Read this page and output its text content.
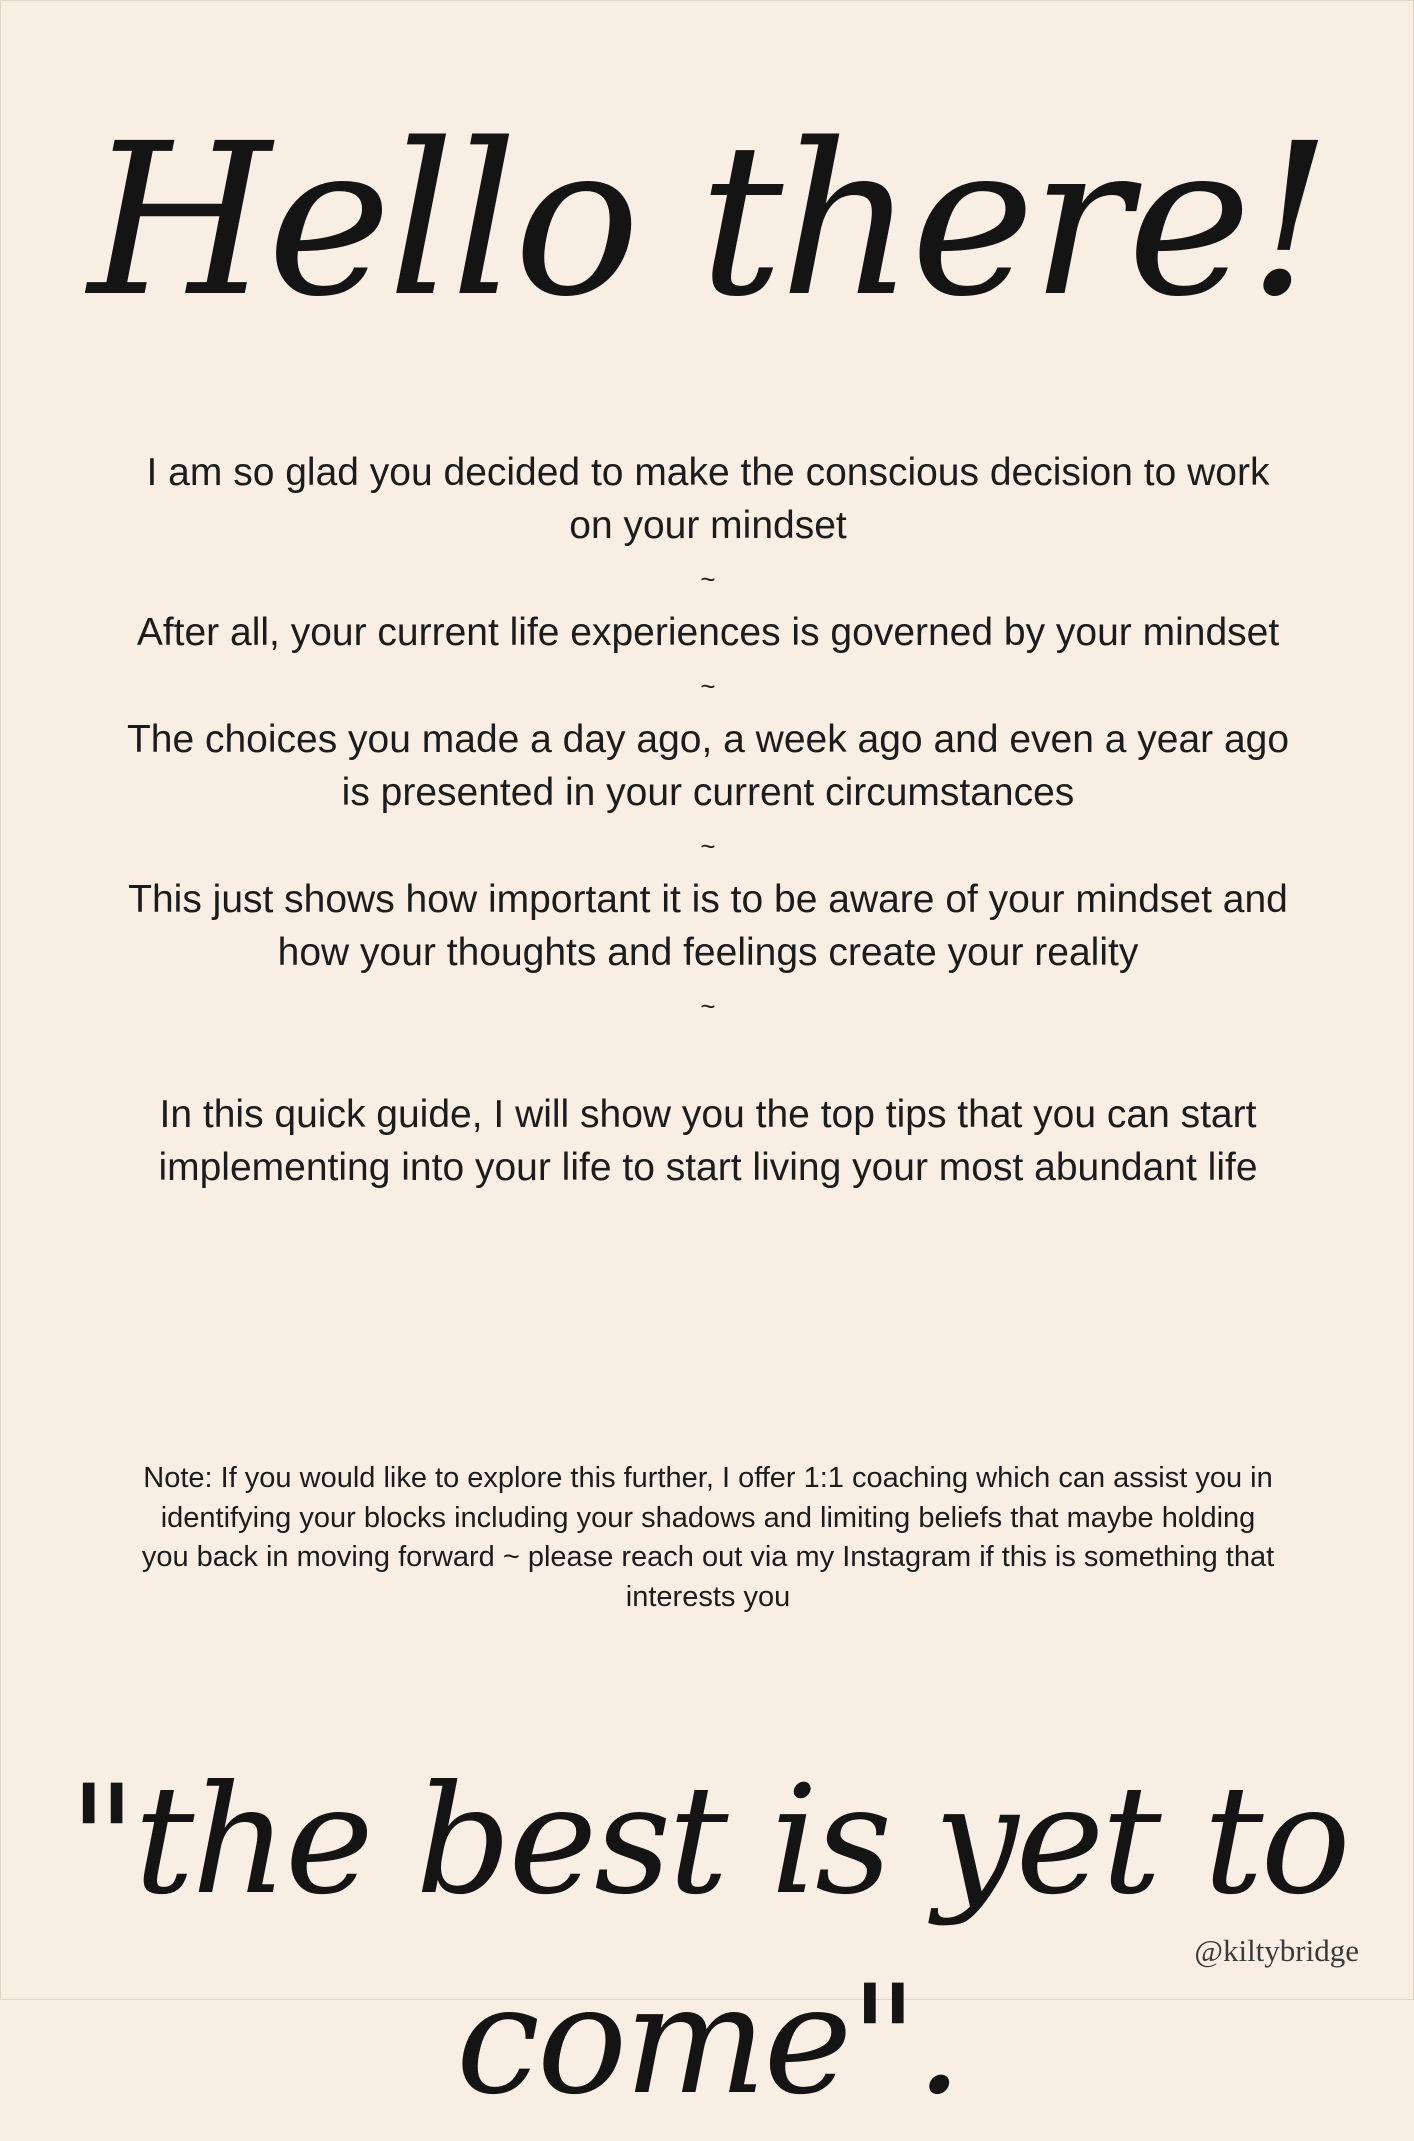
Hello there!

I am so glad you decided to make the conscious decision to work on your mindset

~

After all, your current life experiences is governed by your mindset

~

The choices you made a day ago, a week ago and even a year ago is presented in your current circumstances

~

This just shows how important it is to be aware of your mindset and how your thoughts and feelings create your reality

~

In this quick guide, I will show you the top tips that you can start implementing into your life to start living your most abundant life

Note: If you would like to explore this further, I offer 1:1 coaching which can assist you in identifying your blocks including your shadows and limiting beliefs that maybe holding you back in moving forward ~ please reach out via my Instagram if this is something that interests you

"the best is yet to come".

@kiltybridge
